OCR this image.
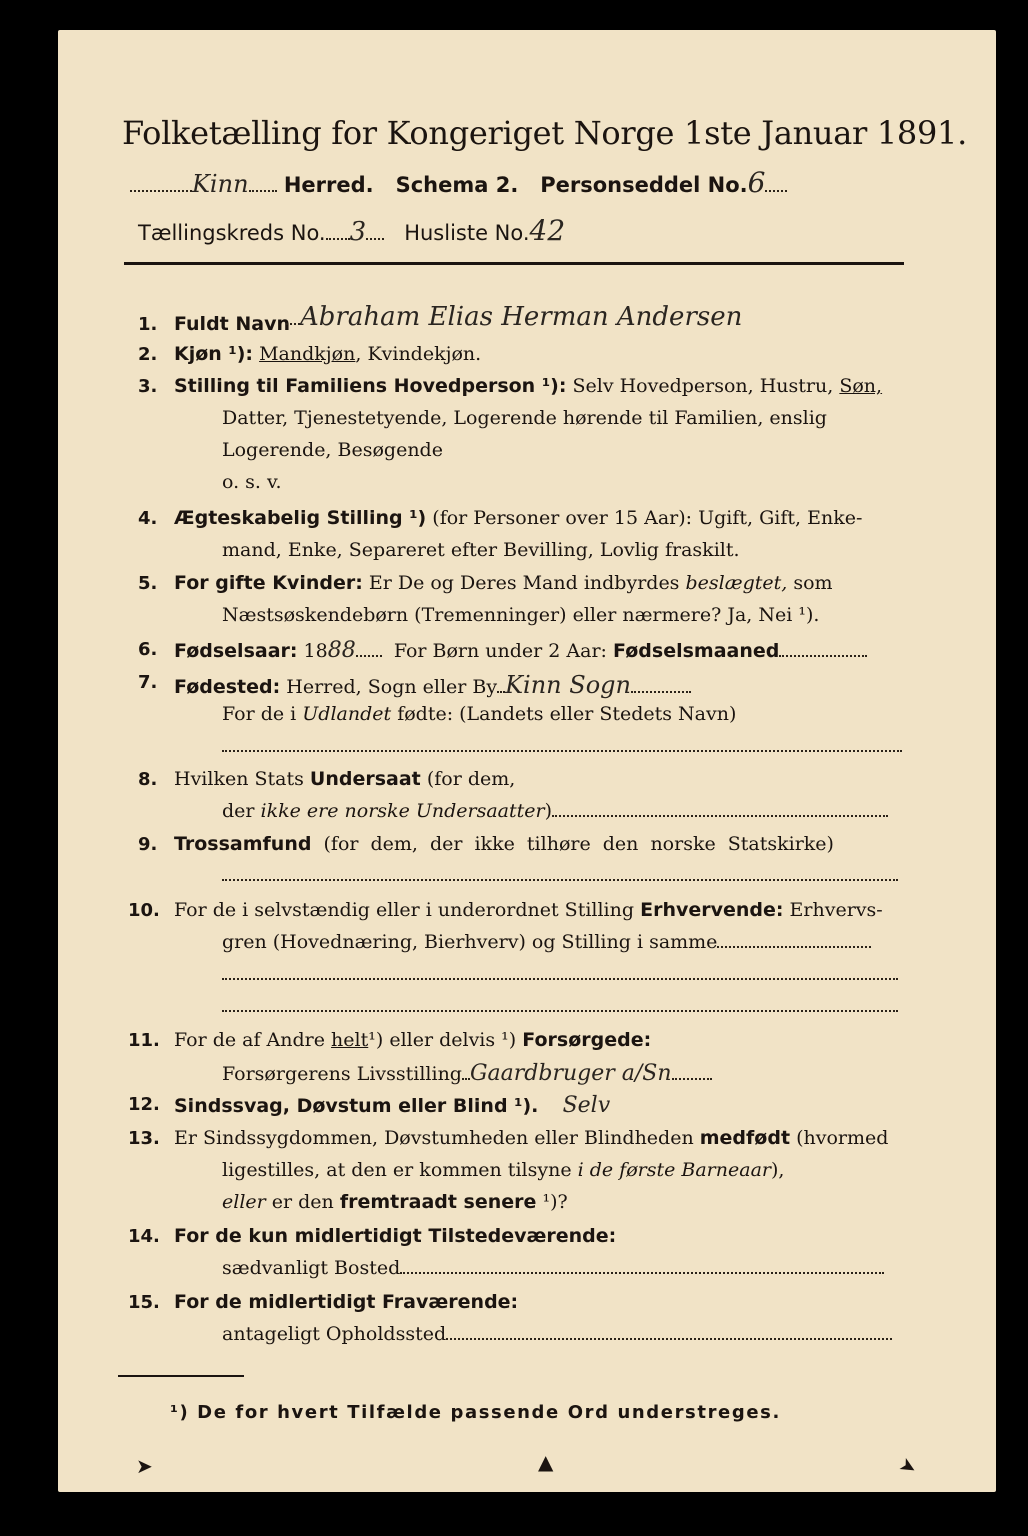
Folketælling for Kongeriget Norge 1ste Januar 1891.
Kinn Herred. Schema 2. Personseddel No.6
Tællingskreds No. 3 Husliste No.42
1. Fuldt Navn Abraham Elias Herman Andersen
2. Kjøn ¹): Mandkjøn, Kvindekjøn.
3. Stilling til Familiens Hovedperson ¹): Selv Hovedperson, Hustru, Søn,
Datter, Tjenestetyende, Logerende hørende til Familien, enslig
Logerende, Besøgende
o. s. v.
4. Ægteskabelig Stilling ¹) (for Personer over 15 Aar): Ugift, Gift, Enke-
mand, Enke, Separeret efter Bevilling, Lovlig fraskilt.
5. For gifte Kvinder: Er De og Deres Mand indbyrdes beslægtet, som
Næstsøskendebørn (Tremenninger) eller nærmere? Ja, Nei ¹).
6. Fødselsaar: 1888 For Børn under 2 Aar: Fødselsmaaned
7. Fødested: Herred, Sogn eller By Kinn Sogn
For de i Udlandet fødte: (Landets eller Stedets Navn)
8. Hvilken Stats Undersaat (for dem,
der ikke ere norske Undersaatter)
9. Trossamfund (for dem, der ikke tilhøre den norske Statskirke)
10. For de i selvstændig eller i underordnet Stilling Erhvervende: Erhvervs-
gren (Hovednæring, Bierhverv) og Stilling i samme
11. For de af Andre helt¹) eller delvis ¹) Forsørgede:
Forsørgerens Livsstilling Gaardbruger a/Sn
12. Sindssvag, Døvstum eller Blind ¹). Selv
13. Er Sindssygdommen, Døvstumheden eller Blindheden medfødt (hvormed
ligestilles, at den er kommen tilsyne i de første Barneaar),
eller er den fremtraadt senere ¹)?
14. For de kun midlertidigt Tilstedeværende:
sædvanligt Bosted
15. For de midlertidigt Fraværende:
antageligt Opholdssted
¹) De for hvert Tilfælde passende Ord understreges.
➤	▲	➤
